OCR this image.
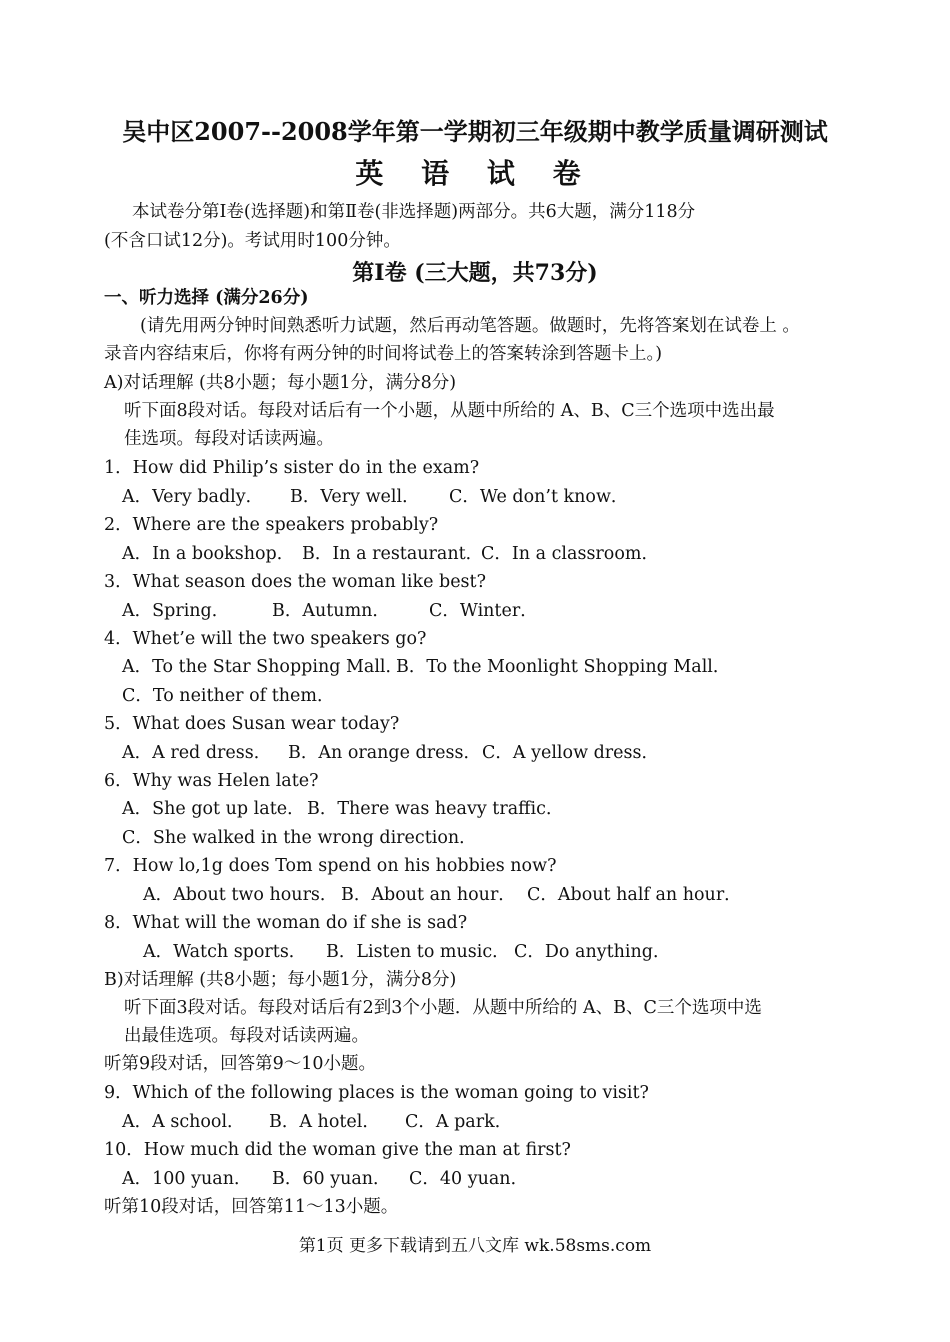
吴中区2007--2008学年第一学期初三年级期中教学质量调研测试
英 语 试 卷
本试卷分第Ⅰ卷(选择题)和第Ⅱ卷(非选择题)两部分。共6大题，满分118分
(不含口试12分)。考试用时100分钟。
第Ⅰ卷 (三大题，共73分)
一、听力选择 (满分26分)
(请先用两分钟时间熟悉听力试题，然后再动笔答题。做题时，先将答案划在试卷上 。
录音内容结束后，你将有两分钟的时间将试卷上的答案转涂到答题卡上。)
A)对话理解 (共8小题；每小题1分，满分8分)
听下面8段对话。每段对话后有一个小题，从题中所给的 A、B、C三个选项中选出最
佳选项。每段对话读两遍。
1．How did Philip’s sister do in the exam?
A．Very badly． B．Very well． C．We don’t know．
2．Where are the speakers probably?
A．In a bookshop． B．In a restaurant．
C．In a classroom．
3．What season does the woman like best?
A．Spring． B．Autumn． C．Winter．
4．Whet’e will the two speakers go?
A．To the Star Shopping Mall．
B．To the Moonlight Shopping Mall．
C．To neither of them．
5．What does Susan wear today?
A．A red dress． B．An orange dress． C．A yellow dress．
6．Why was Helen late?
A．She got up late． B．There was heavy traffic．
C．She walked in the wrong direction．
7．How lo,1g does Tom spend on his hobbies now?
A．About two hours． B．About an hour． C．About half an hour．
8．What will the woman do if she is sad?
A．Watch sports． B．Listen to music． C．Do anything．
B)对话理解 (共8小题；每小题1分，满分8分)
听下面3段对话。每段对话后有2到3个小题．从题中所给的 A、B、C三个选项中选
出最佳选项。每段对话读两遍。
听第9段对话，回答第9～10小题。
9．Which of the following places is the woman going to visit?
A．A school． B．A hotel． C．A park．
10．How much did the woman give the man at first?
A．100 yuan． B．60 yuan． C．40 yuan．
听第10段对话，回答第11～13小题。
第1页 更多下载请到五八文库 wk.58sms.com
